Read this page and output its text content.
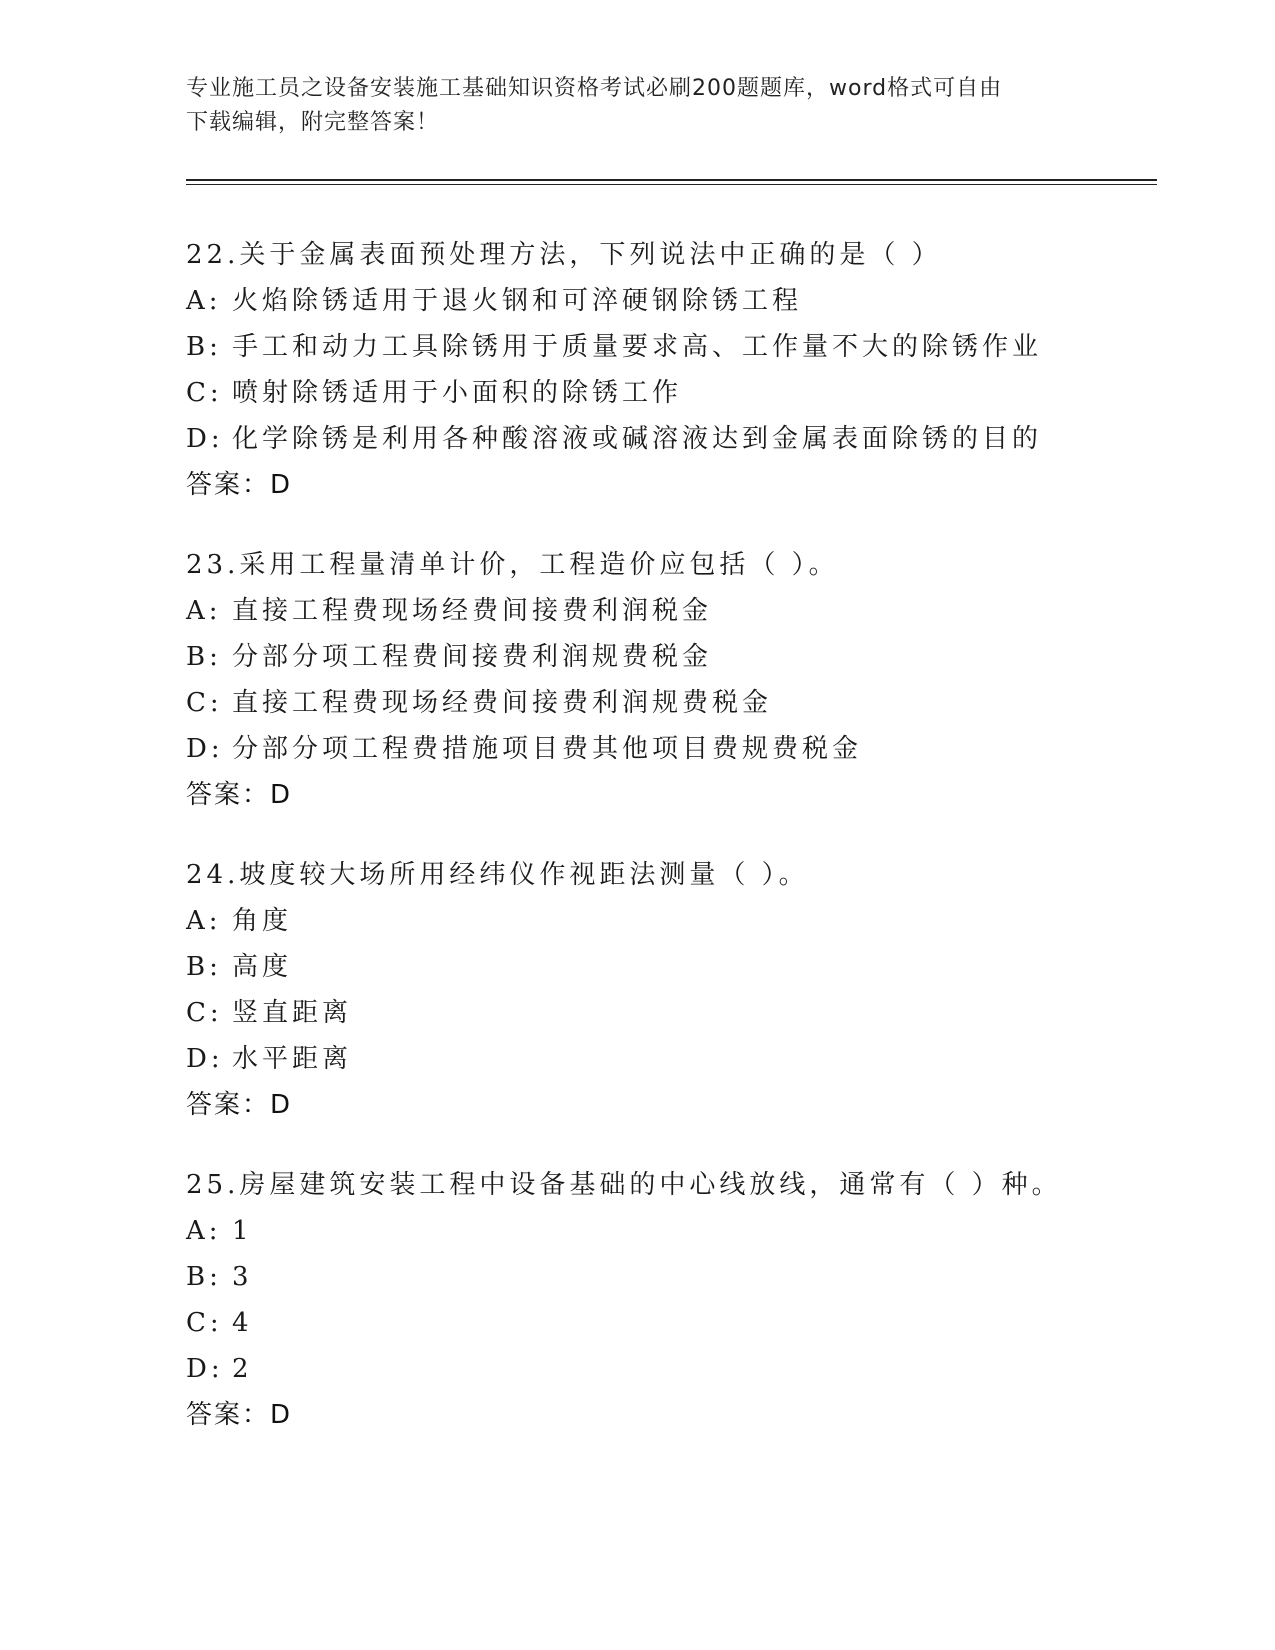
专业施工员之设备安装施工基础知识资格考试必刷200题题库，word格式可自由
下载编辑，附完整答案！
22.关于金属表面预处理方法，下列说法中正确的是（ ）
A: 火焰除锈适用于退火钢和可淬硬钢除锈工程
B: 手工和动力工具除锈用于质量要求高、工作量不大的除锈作业
C: 喷射除锈适用于小面积的除锈工作
D: 化学除锈是利用各种酸溶液或碱溶液达到金属表面除锈的目的
答案：D
23.采用工程量清单计价，工程造价应包括（ ）。
A: 直接工程费现场经费间接费利润税金
B: 分部分项工程费间接费利润规费税金
C: 直接工程费现场经费间接费利润规费税金
D: 分部分项工程费措施项目费其他项目费规费税金
答案：D
24.坡度较大场所用经纬仪作视距法测量（ ）。
A: 角度
B: 高度
C: 竖直距离
D: 水平距离
答案：D
25.房屋建筑安装工程中设备基础的中心线放线，通常有（ ）种。
A: 1
B: 3
C: 4
D: 2
答案：D
